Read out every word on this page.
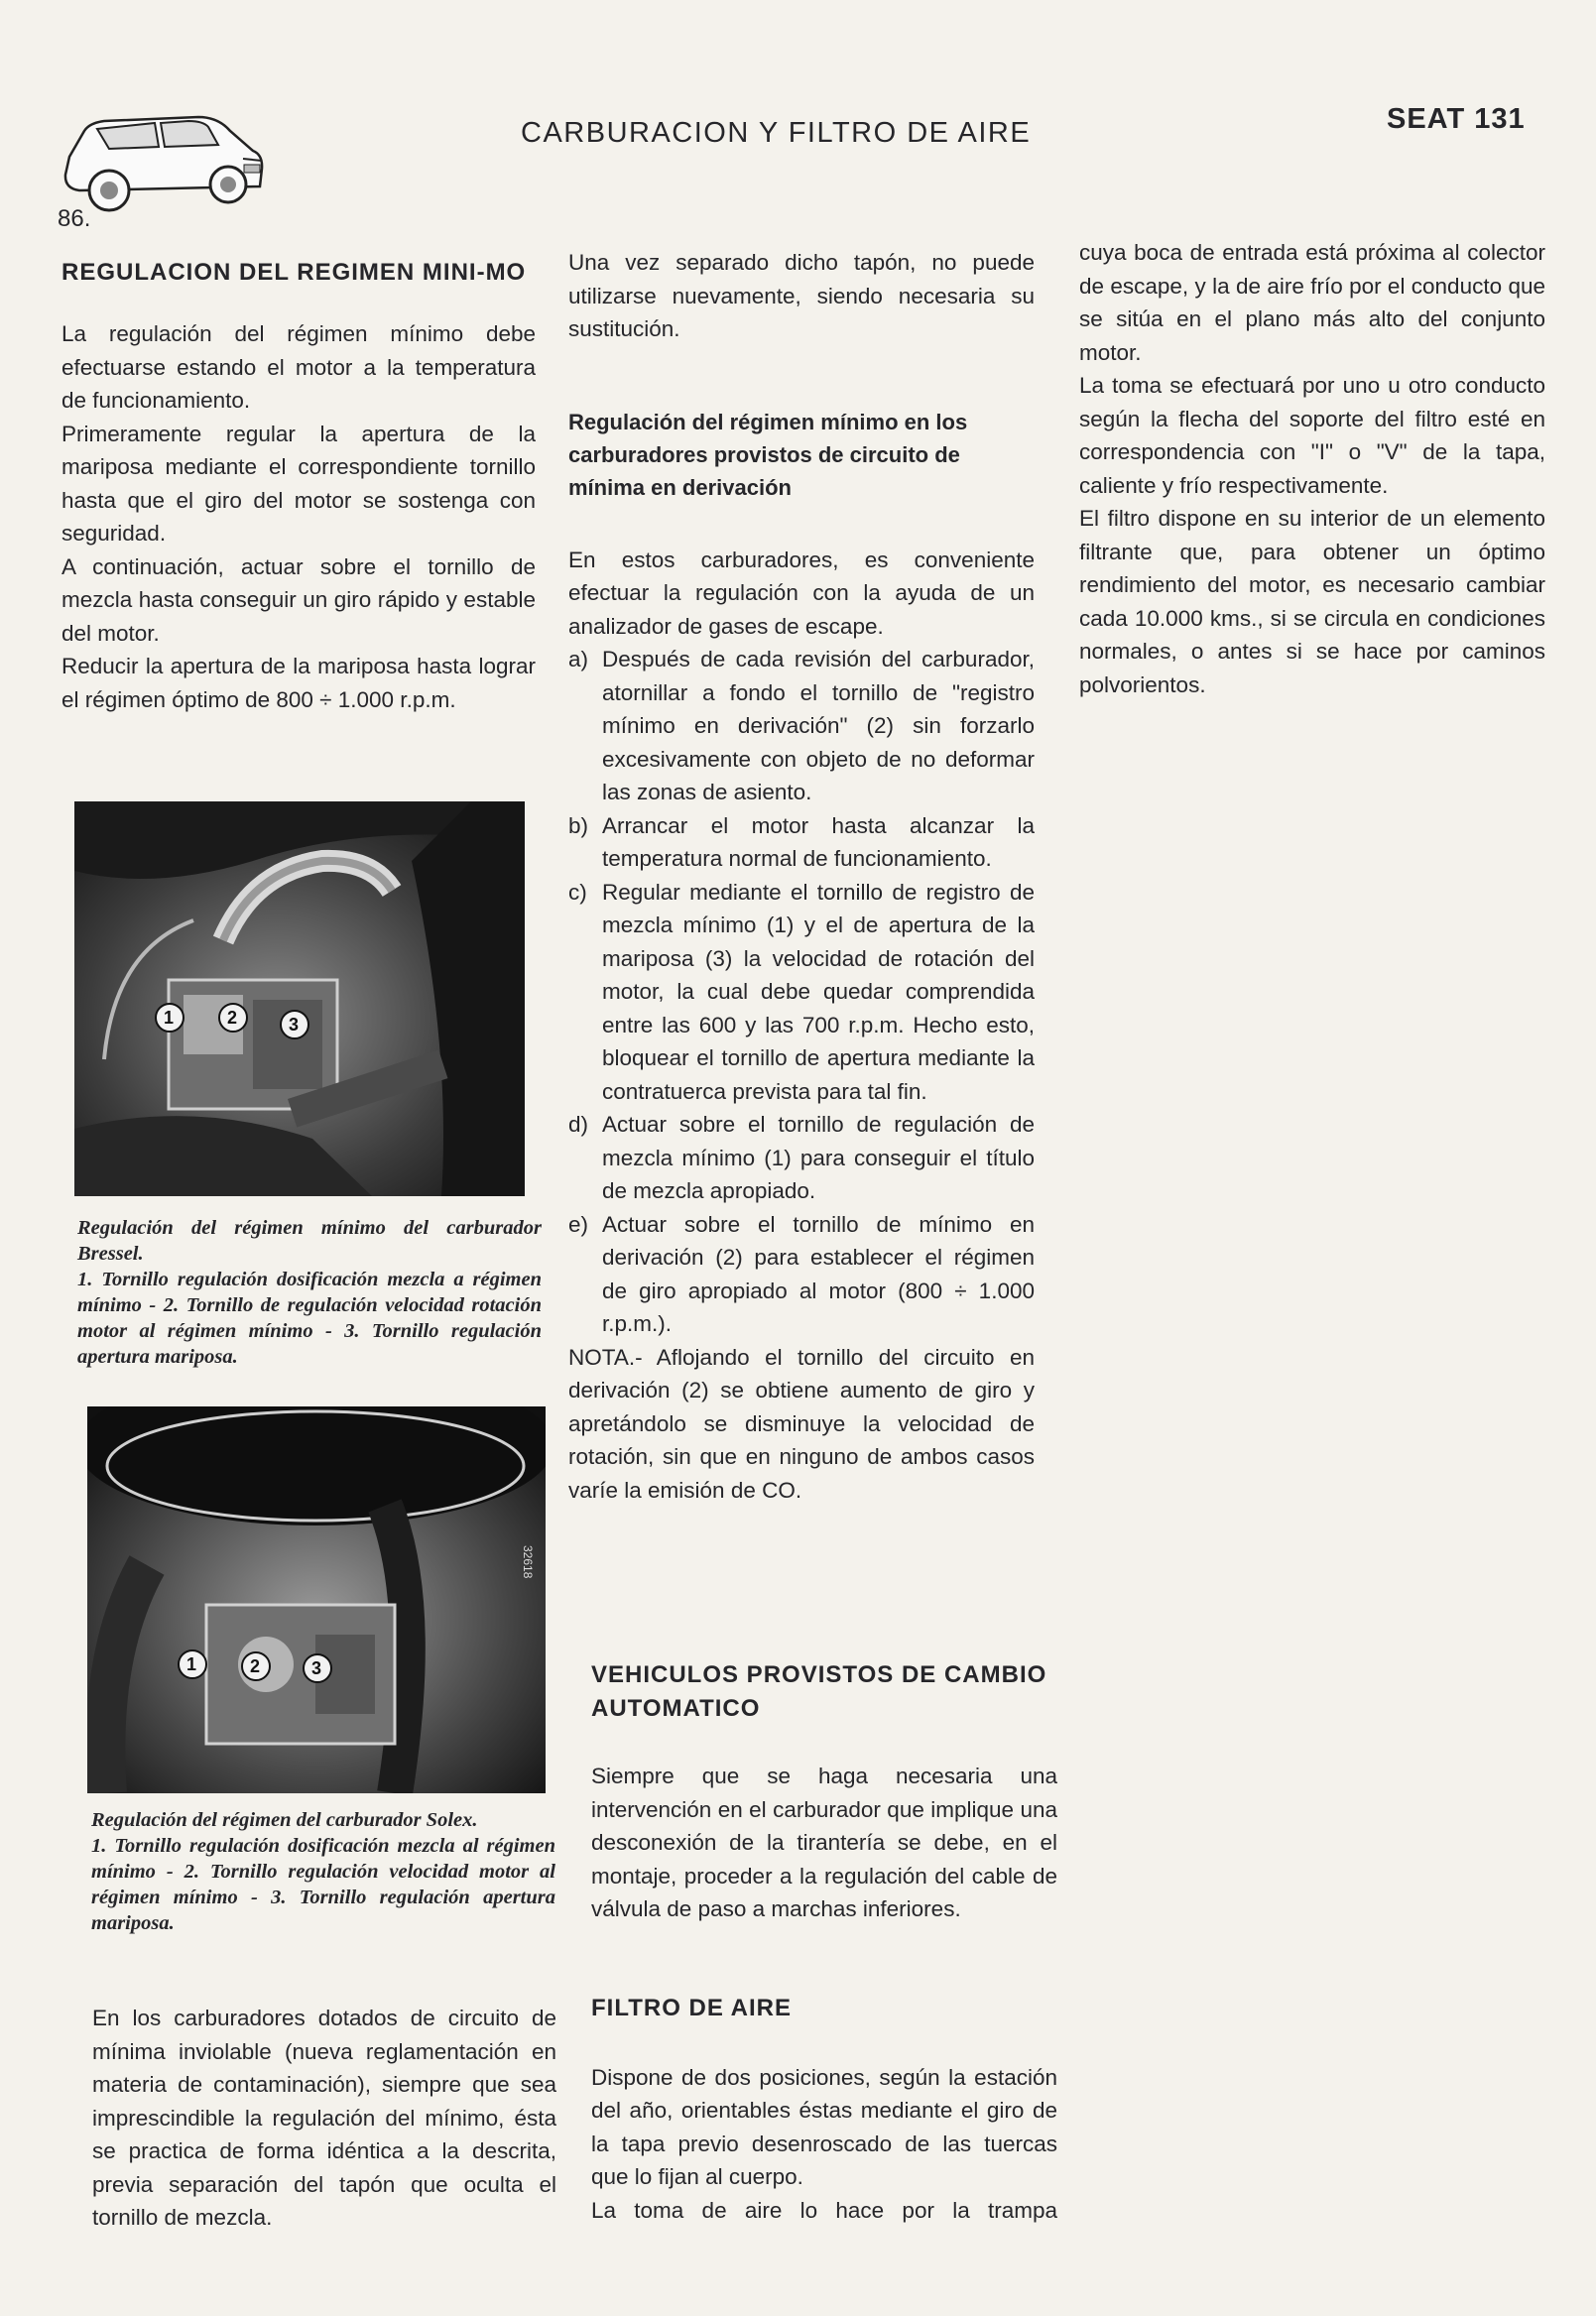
86.
CARBURACION Y FILTRO DE AIRE	SEAT 131

REGULACION DEL REGIMEN MINI-MO

La regulación del régimen mínimo debe efectuarse estando el motor a la temperatura de funcionamiento.

Primeramente regular la apertura de la mariposa mediante el correspondiente tornillo hasta que el giro del motor se sostenga con seguridad.

A continuación, actuar sobre el tornillo de mezcla hasta conseguir un giro rápido y estable del motor.

Reducir la apertura de la mariposa hasta lograr el régimen óptimo de 800 ÷ 1.000 r.p.m.

1	2	3

Regulación del régimen mínimo del carburador Bressel.

1. Tornillo regulación dosificación mezcla a régimen mínimo - 2. Tornillo de regulación velocidad rotación motor al régimen mínimo - 3. Tornillo regulación apertura mariposa.

32618
1	2	3

Regulación del régimen del carburador Solex.

1. Tornillo regulación dosificación mezcla al régimen mínimo - 2. Tornillo regulación velocidad motor al régimen mínimo - 3. Tornillo regulación apertura mariposa.

En los carburadores dotados de circuito de mínima inviolable (nueva reglamentación en materia de contaminación), siempre que sea imprescindible la regulación del mínimo, ésta se practica de forma idéntica a la descrita, previa separación del tapón que oculta el tornillo de mezcla.

Una vez separado dicho tapón, no puede utilizarse nuevamente, siendo necesaria su sustitución.

Regulación del régimen mínimo en los carburadores provistos de circuito de mínima en derivación

En estos carburadores, es conveniente efectuar la regulación con la ayuda de un analizador de gases de escape.

a) Después de cada revisión del carburador, atornillar a fondo el tornillo de "registro mínimo en derivación" (2) sin forzarlo excesivamente con objeto de no deformar las zonas de asiento.
b) Arrancar el motor hasta alcanzar la temperatura normal de funcionamiento.
c) Regular mediante el tornillo de registro de mezcla mínimo (1) y el de apertura de la mariposa (3) la velocidad de rotación del motor, la cual debe quedar comprendida entre las 600 y las 700 r.p.m. Hecho esto, bloquear el tornillo de apertura mediante la contratuerca prevista para tal fin.
d) Actuar sobre el tornillo de regulación de mezcla mínimo (1) para conseguir el título de mezcla apropiado.
e) Actuar sobre el tornillo de mínimo en derivación (2) para establecer el régimen de giro apropiado al motor (800 ÷ 1.000 r.p.m.).

NOTA.- Aflojando el tornillo del circuito en derivación (2) se obtiene aumento de giro y apretándolo se disminuye la velocidad de rotación, sin que en ninguno de ambos casos varíe la emisión de CO.

VEHICULOS PROVISTOS DE CAMBIO AUTOMATICO

Siempre que se haga necesaria una intervención en el carburador que implique una desconexión de la tirantería se debe, en el montaje, proceder a la regulación del cable de válvula de paso a marchas inferiores.

FILTRO DE AIRE

Dispone de dos posiciones, según la estación del año, orientables éstas mediante el giro de la tapa previo desenroscado de las tuercas que lo fijan al cuerpo.

La toma de aire lo hace por la trampa

cuya boca de entrada está próxima al colector de escape, y la de aire frío por el conducto que se sitúa en el plano más alto del conjunto motor.

La toma se efectuará por uno u otro conducto según la flecha del soporte del filtro esté en correspondencia con "I" o "V" de la tapa, caliente y frío respectivamente.

El filtro dispone en su interior de un elemento filtrante que, para obtener un óptimo rendimiento del motor, es necesario cambiar cada 10.000 kms., si se circula en condiciones normales, o antes si se hace por caminos polvorientos.
